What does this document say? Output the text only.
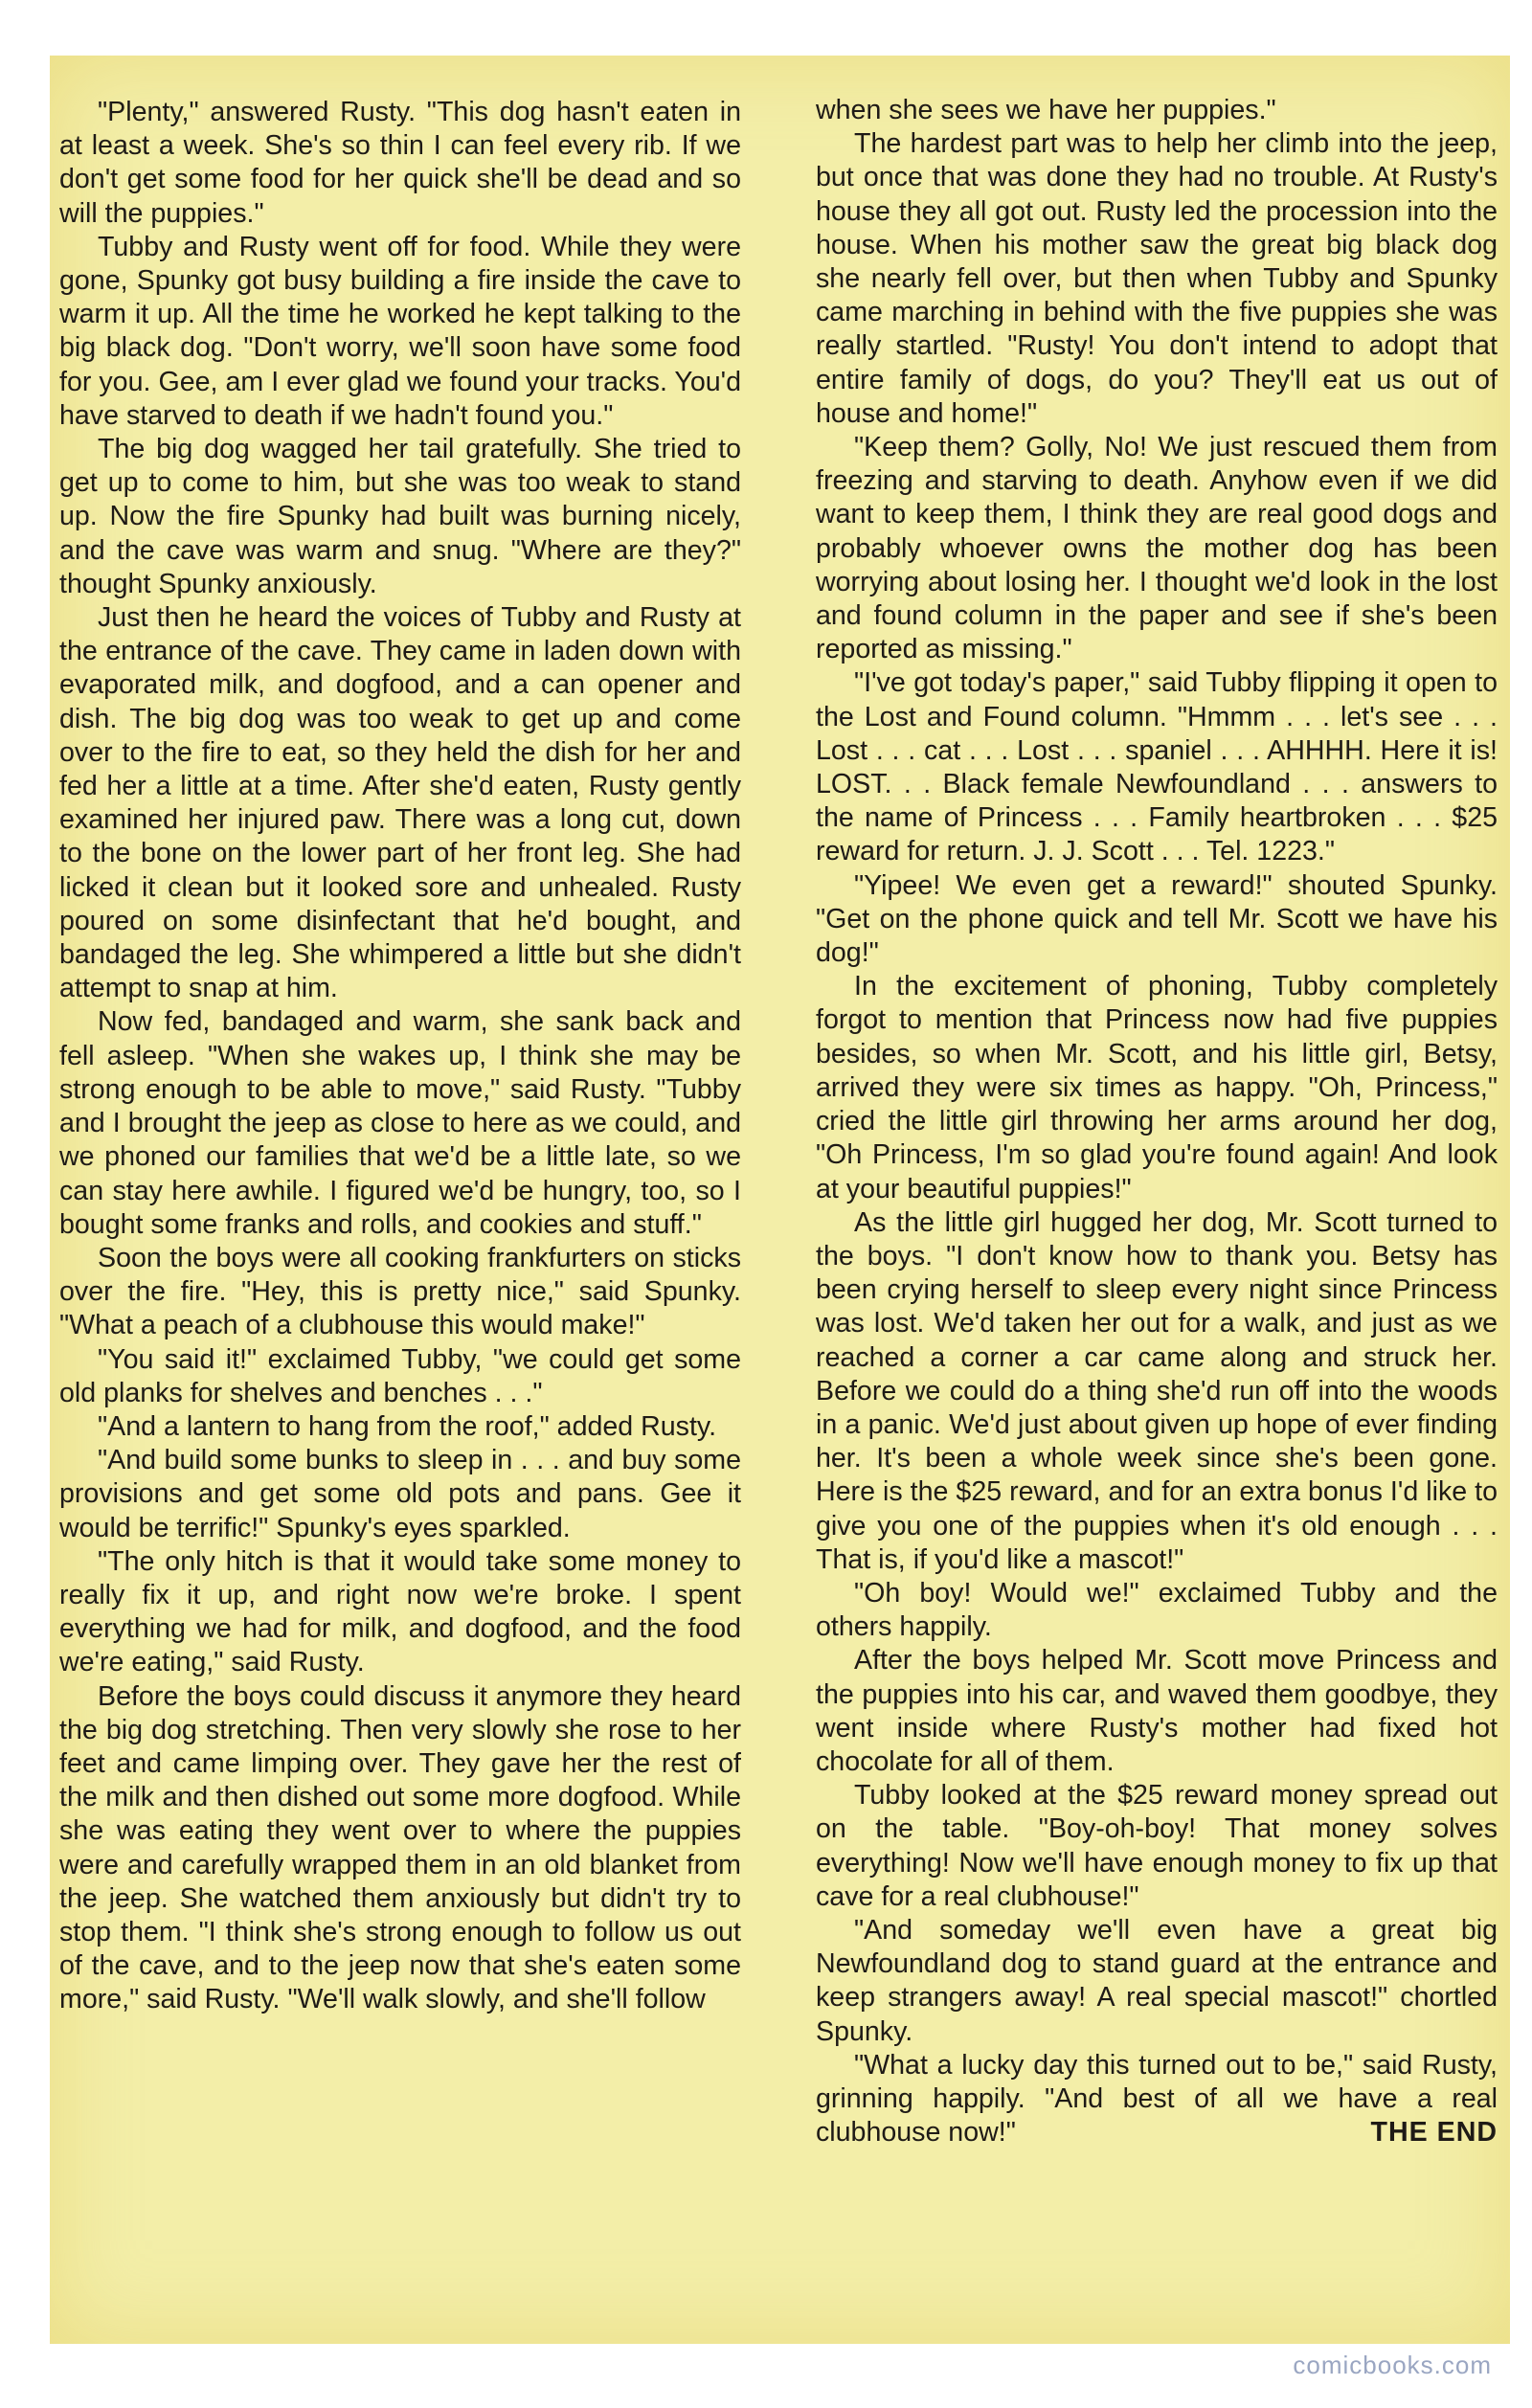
"Plenty," answered Rusty. "This dog hasn't eaten in at least a week. She's so thin I can feel every rib. If we don't get some food for her quick she'll be dead and so will the puppies."

Tubby and Rusty went off for food. While they were gone, Spunky got busy building a fire inside the cave to warm it up. All the time he worked he kept talking to the big black dog. "Don't worry, we'll soon have some food for you. Gee, am I ever glad we found your tracks. You'd have starved to death if we hadn't found you."

The big dog wagged her tail gratefully. She tried to get up to come to him, but she was too weak to stand up. Now the fire Spunky had built was burning nicely, and the cave was warm and snug. "Where are they?" thought Spunky anxiously.

Just then he heard the voices of Tubby and Rusty at the entrance of the cave. They came in laden down with evaporated milk, and dogfood, and a can opener and dish. The big dog was too weak to get up and come over to the fire to eat, so they held the dish for her and fed her a little at a time. After she'd eaten, Rusty gently examined her injured paw. There was a long cut, down to the bone on the lower part of her front leg. She had licked it clean but it looked sore and unhealed. Rusty poured on some disinfectant that he'd bought, and bandaged the leg. She whimpered a little but she didn't attempt to snap at him.

Now fed, bandaged and warm, she sank back and fell asleep. "When she wakes up, I think she may be strong enough to be able to move," said Rusty. "Tubby and I brought the jeep as close to here as we could, and we phoned our families that we'd be a little late, so we can stay here awhile. I figured we'd be hungry, too, so I bought some franks and rolls, and cookies and stuff."

Soon the boys were all cooking frankfurters on sticks over the fire. "Hey, this is pretty nice," said Spunky. "What a peach of a clubhouse this would make!"

"You said it!" exclaimed Tubby, "we could get some old planks for shelves and benches . . ."

"And a lantern to hang from the roof," added Rusty.

"And build some bunks to sleep in . . . and buy some provisions and get some old pots and pans. Gee it would be terrific!" Spunky's eyes sparkled.

"The only hitch is that it would take some money to really fix it up, and right now we're broke. I spent everything we had for milk, and dogfood, and the food we're eating," said Rusty.

Before the boys could discuss it anymore they heard the big dog stretching. Then very slowly she rose to her feet and came limping over. They gave her the rest of the milk and then dished out some more dogfood. While she was eating they went over to where the puppies were and carefully wrapped them in an old blanket from the jeep. She watched them anxiously but didn't try to stop them. "I think she's strong enough to follow us out of the cave, and to the jeep now that she's eaten some more," said Rusty. "We'll walk slowly, and she'll follow

when she sees we have her puppies."

The hardest part was to help her climb into the jeep, but once that was done they had no trouble. At Rusty's house they all got out. Rusty led the procession into the house. When his mother saw the great big black dog she nearly fell over, but then when Tubby and Spunky came marching in behind with the five puppies she was really startled. "Rusty! You don't intend to adopt that entire family of dogs, do you? They'll eat us out of house and home!"

"Keep them? Golly, No! We just rescued them from freezing and starving to death. Anyhow even if we did want to keep them, I think they are real good dogs and probably whoever owns the mother dog has been worrying about losing her. I thought we'd look in the lost and found column in the paper and see if she's been reported as missing."

"I've got today's paper," said Tubby flipping it open to the Lost and Found column. "Hmmm . . . let's see . . . Lost . . . cat . . . Lost . . . spaniel . . . AHHHH. Here it is! LOST. . . Black female Newfoundland . . . answers to the name of Princess . . . Family heartbroken . . . $25 reward for return. J. J. Scott . . . Tel. 1223."

"Yipee! We even get a reward!" shouted Spunky. "Get on the phone quick and tell Mr. Scott we have his dog!"

In the excitement of phoning, Tubby completely forgot to mention that Princess now had five puppies besides, so when Mr. Scott, and his little girl, Betsy, arrived they were six times as happy. "Oh, Princess," cried the little girl throwing her arms around her dog, "Oh Princess, I'm so glad you're found again! And look at your beautiful puppies!"

As the little girl hugged her dog, Mr. Scott turned to the boys. "I don't know how to thank you. Betsy has been crying herself to sleep every night since Princess was lost. We'd taken her out for a walk, and just as we reached a corner a car came along and struck her. Before we could do a thing she'd run off into the woods in a panic. We'd just about given up hope of ever finding her. It's been a whole week since she's been gone. Here is the $25 reward, and for an extra bonus I'd like to give you one of the puppies when it's old enough . . . That is, if you'd like a mascot!"

"Oh boy! Would we!" exclaimed Tubby and the others happily.

After the boys helped Mr. Scott move Princess and the puppies into his car, and waved them goodbye, they went inside where Rusty's mother had fixed hot chocolate for all of them.

Tubby looked at the $25 reward money spread out on the table. "Boy-oh-boy! That money solves everything! Now we'll have enough money to fix up that cave for a real clubhouse!"

"And someday we'll even have a great big Newfoundland dog to stand guard at the entrance and keep strangers away! A real special mascot!" chortled Spunky.

"What a lucky day this turned out to be," said Rusty, grinning happily. "And best of all we have a real clubhouse now!"	THE END

comicbooks.com
